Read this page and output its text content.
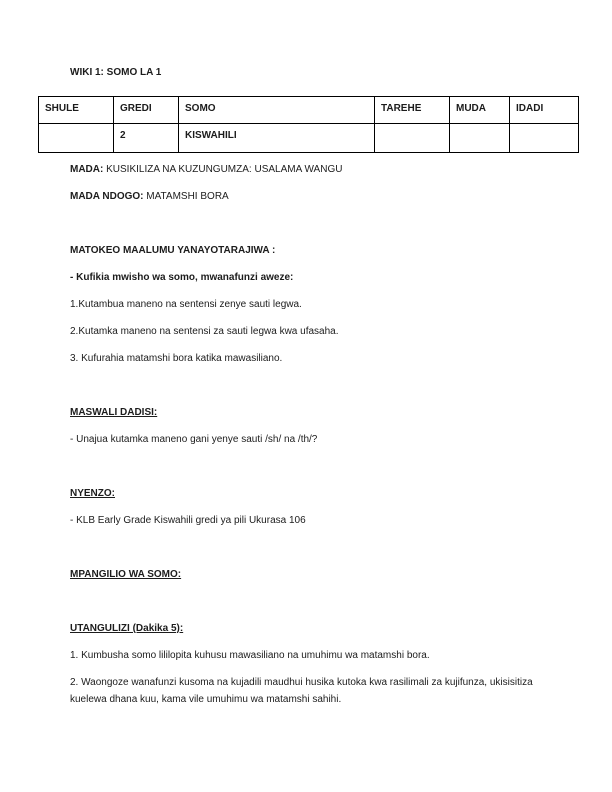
WIKI 1: SOMO LA 1
SHULE	GREDI	SOMO	TAREHE	MUDA	IDADI
	2	KISWAHILI			

MADA: KUSIKILIZA NA KUZUNGUMZA: USALAMA WANGU

MADA NDOGO: MATAMSHI BORA

MATOKEO MAALUMU YANAYOTARAJIWA :

- Kufikia mwisho wa somo, mwanafunzi aweze:

1.Kutambua maneno na sentensi zenye sauti legwa.

2.Kutamka maneno na sentensi za sauti legwa kwa ufasaha.

3. Kufurahia matamshi bora katika mawasiliano.

MASWALI DADISI:

- Unajua kutamka maneno gani yenye sauti /sh/ na /th/?

NYENZO:

- KLB Early Grade Kiswahili gredi ya pili Ukurasa 106

MPANGILIO WA SOMO:

UTANGULIZI (Dakika 5):

1. Kumbusha somo lililopita kuhusu mawasiliano na umuhimu wa matamshi bora.

2. Waongoze wanafunzi kusoma na kujadili maudhui husika kutoka kwa rasilimali za kujifunza, ukisisitiza kuelewa dhana kuu, kama vile umuhimu wa matamshi sahihi.
